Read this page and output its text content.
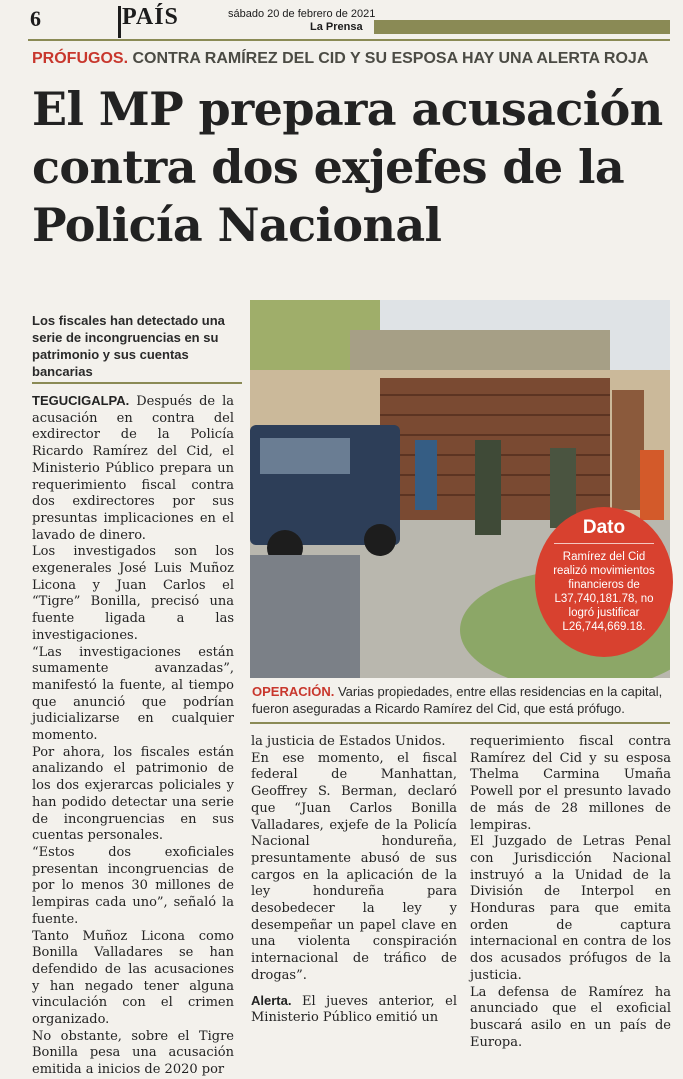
6	PAÍS	sábado 20 de febrero de 2021
La Prensa
PRÓFUGOS. CONTRA RAMÍREZ DEL CID Y SU ESPOSA HAY UNA ALERTA ROJA
El MP prepara acusación contra dos exjefes de la Policía Nacional

Los fiscales han detectado una serie de incongruencias en su patrimonio y sus cuentas bancarias

Dato
Ramírez del Cid realizó movimientos financieros de L37,740,181.78, no logró justificar L26,744,669.18.

OPERACIÓN. Varias propiedades, entre ellas residencias en la capital, fueron aseguradas a Ricardo Ramírez del Cid, que está prófugo.

TEGUCIGALPA. Después de la acusación en contra del exdirector de la Policía Ricardo Ramírez del Cid, el Ministerio Público prepara un requerimiento fiscal contra dos exdirectores por sus presuntas implicaciones en el lavado de dinero.

Los investigados son los exgenerales José Luis Muñoz Licona y Juan Carlos el “Tigre” Bonilla, precisó una fuente ligada a las investigaciones.

“Las investigaciones están sumamente avanzadas”, manifestó la fuente, al tiempo que anunció que podrían judicializarse en cualquier momento.

Por ahora, los fiscales están analizando el patrimonio de los dos exjerarcas policiales y han podido detectar una serie de incongruencias en sus cuentas personales.

“Estos dos exoficiales presentan incongruencias de por lo menos 30 millones de lempiras cada uno”, señaló la fuente.

Tanto Muñoz Licona como Bonilla Valladares se han defendido de las acusaciones y han negado tener alguna vinculación con el crimen organizado.

No obstante, sobre el Tigre Bonilla pesa una acusación emitida a inicios de 2020 por

la justicia de Estados Unidos.

En ese momento, el fiscal federal de Manhattan, Geoffrey S. Berman, declaró que “Juan Carlos Bonilla Valladares, exjefe de la Policía Nacional hondureña, presuntamente abusó de sus cargos en la aplicación de la ley hondureña para desobedecer la ley y desempeñar un papel clave en una violenta conspiración internacional de tráfico de drogas”.

Alerta. El jueves anterior, el Ministerio Público emitió un

requerimiento fiscal contra Ramírez del Cid y su esposa Thelma Carmina Umaña Powell por el presunto lavado de más de 28 millones de lempiras.

El Juzgado de Letras Penal con Jurisdicción Nacional instruyó a la Unidad de la División de Interpol en Honduras para que emita orden de captura internacional en contra de los dos acusados prófugos de la justicia.

La defensa de Ramírez ha anunciado que el exoficial buscará asilo en un país de Europa.
